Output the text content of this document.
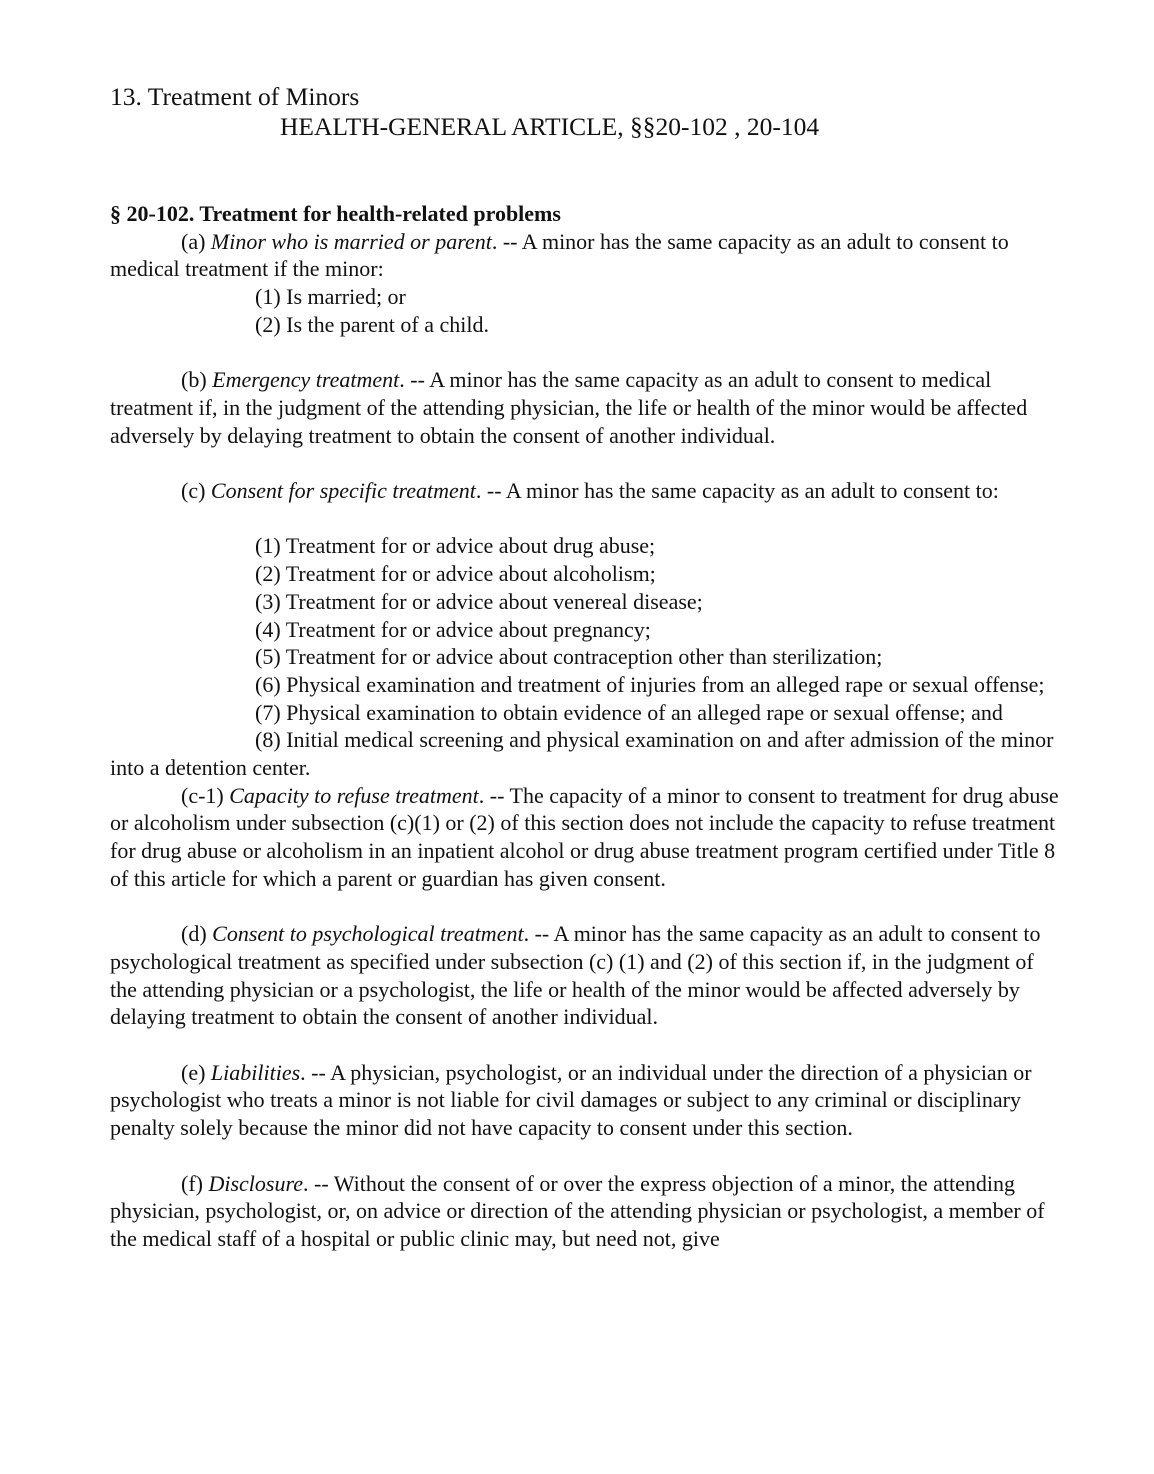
13. Treatment of Minors
HEALTH-GENERAL ARTICLE, §§20-102 , 20-104

§ 20-102. Treatment for health-related problems

(a) Minor who is married or parent. -- A minor has the same capacity as an adult to consent to medical treatment if the minor:

(1) Is married; or

(2) Is the parent of a child.

(b) Emergency treatment. -- A minor has the same capacity as an adult to consent to medical treatment if, in the judgment of the attending physician, the life or health of the minor would be affected adversely by delaying treatment to obtain the consent of another individual.

(c) Consent for specific treatment. -- A minor has the same capacity as an adult to consent to:

(1) Treatment for or advice about drug abuse;

(2) Treatment for or advice about alcoholism;

(3) Treatment for or advice about venereal disease;

(4) Treatment for or advice about pregnancy;

(5) Treatment for or advice about contraception other than sterilization;

(6) Physical examination and treatment of injuries from an alleged rape or sexual offense;

(7) Physical examination to obtain evidence of an alleged rape or sexual offense; and

(8) Initial medical screening and physical examination on and after admission of the minor into a detention center.

(c-1) Capacity to refuse treatment. -- The capacity of a minor to consent to treatment for drug abuse or alcoholism under subsection (c)(1) or (2) of this section does not include the capacity to refuse treatment for drug abuse or alcoholism in an inpatient alcohol or drug abuse treatment program certified under Title 8 of this article for which a parent or guardian has given consent.

(d) Consent to psychological treatment. -- A minor has the same capacity as an adult to consent to psychological treatment as specified under subsection (c) (1) and (2) of this section if, in the judgment of the attending physician or a psychologist, the life or health of the minor would be affected adversely by delaying treatment to obtain the consent of another individual.

(e) Liabilities. -- A physician, psychologist, or an individual under the direction of a physician or psychologist who treats a minor is not liable for civil damages or subject to any criminal or disciplinary penalty solely because the minor did not have capacity to consent under this section.

(f) Disclosure. -- Without the consent of or over the express objection of a minor, the attending physician, psychologist, or, on advice or direction of the attending physician or psychologist, a member of the medical staff of a hospital or public clinic may, but need not, give
